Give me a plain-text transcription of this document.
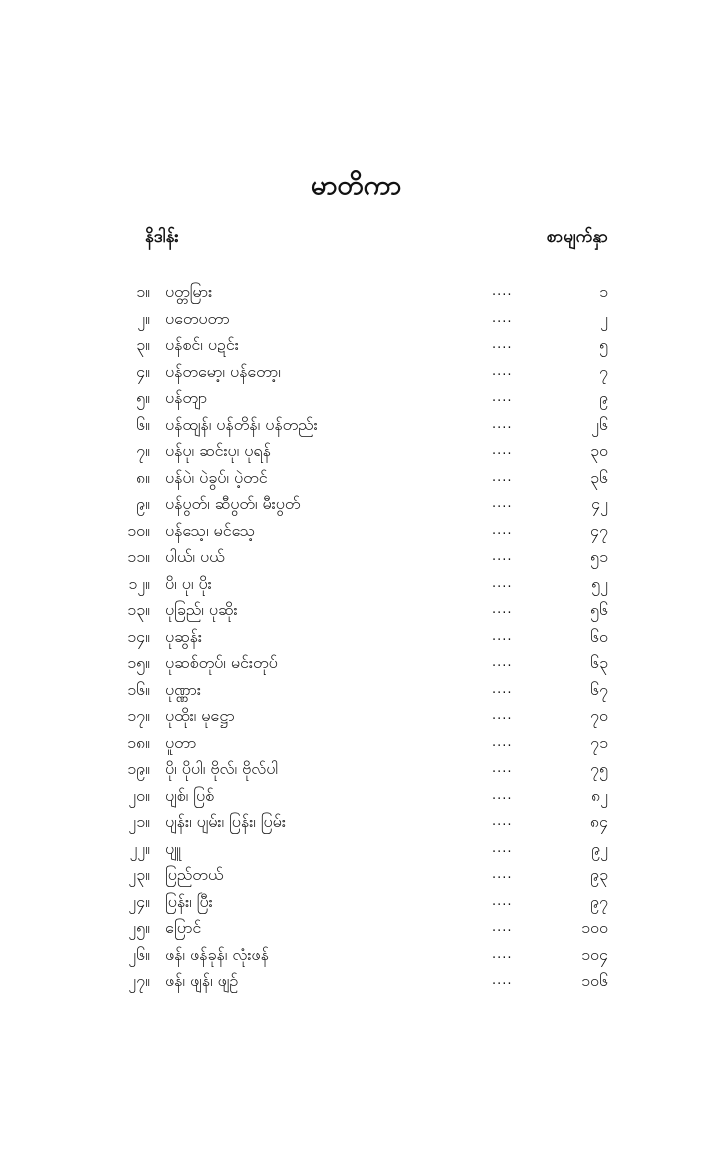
မာတိကာ
နိဒါန်း	စာမျက်နှာ
၁။ ပတ္တမြား	....	၁
၂။ ပတေပတာ	....	၂
၃။ ပန်စင်၊ ပဍင်း	....	၅
၄။ ပန်တမော့၊ ပန်တော့၊	....	၇
၅။ ပန်တျာ	....	၉
၆။ ပန်ထျန်၊ ပန်တိန်၊ ပန်တည်း	....	၂၆
၇။ ပန်ပု၊ ဆင်းပု၊ ပုရန်	....	၃၀
၈။ ပန်ပဲ၊ ပဲခွပ်၊ ပဲ့တင်	....	၃၆
၉။ ပန်ပွတ်၊ ဆီပွတ်၊ မီးပွတ်	....	၄၂
၁၀။ ပန်သေ့၊ မင်သေ့	....	၄၇
၁၁။ ပါယ်၊ ပယ်	....	၅၁
၁၂။ ပိ၊ ပု၊ ပိုး	....	၅၂
၁၃။ ပုခြည်၊ ပုဆိုး	....	၅၆
၁၄။ ပုဆွန်း	....	၆၀
၁၅။ ပုဆစ်တုပ်၊ မင်းတုပ်	....	၆၃
၁၆။ ပုဏ္ဏား	....	၆၇
၁၇။ ပုထိုး၊ မုဋ္ဌော	....	၇၀
၁၈။ ပူတာ	....	၇၁
၁၉။ ပို၊ ပိုပါ၊ ဗိုလ်၊ ဗိုလ်ပါ	....	၇၅
၂၀။ ပျစ်၊ ပြစ်	....	၈၂
၂၁။ ပျန်း၊ ပျမ်း၊ ပြန်း၊ ပြမ်း	....	၈၄
၂၂။ ပျူ	....	၉၂
၂၃။ ပြည်တယ်	....	၉၃
၂၄။ ပြန်း၊ ပြီး	....	၉၇
၂၅။ ပြောင်	....	၁၀၀
၂၆။ ဖန်၊ ဖန်ခုန်၊ လုံးဖန်	....	၁၀၄
၂၇။ ဖန်၊ ဖျန်၊ ဖျဉ်	....	၁၀၆
